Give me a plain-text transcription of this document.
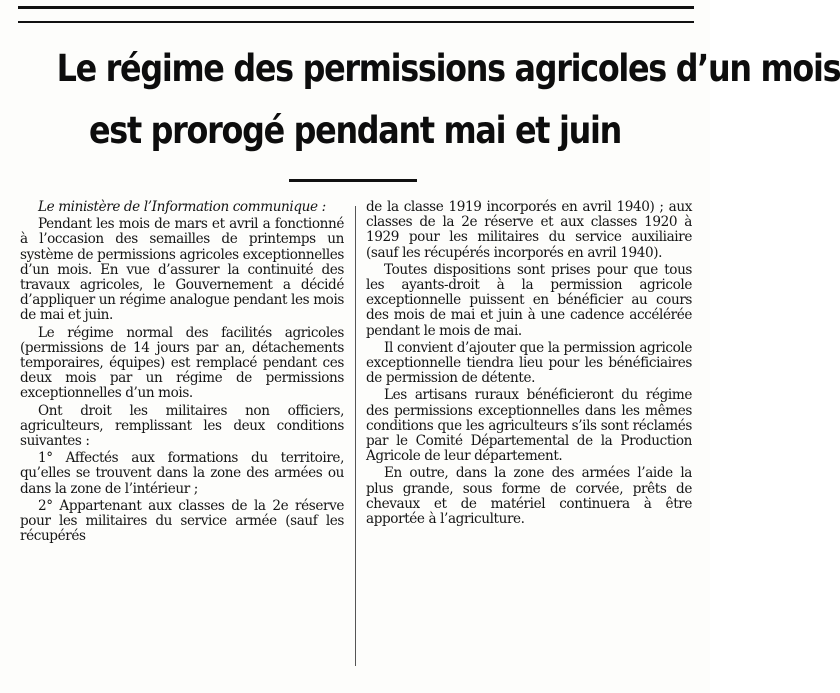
Le régime des permissions agricoles d’un mois
est prorogé pendant mai et juin

Le ministère de l’Information communique :

Pendant les mois de mars et avril a fonctionné à l’occasion des semailles de printemps un système de permissions agricoles exceptionnelles d’un mois. En vue d’assurer la continuité des travaux agricoles, le Gouvernement a décidé d’appliquer un régime analogue pendant les mois de mai et juin.

Le régime normal des facilités agricoles (permissions de 14 jours par an, détachements temporaires, équipes) est remplacé pendant ces deux mois par un régime de permissions exceptionnelles d’un mois.

Ont droit les militaires non officiers, agriculteurs, remplissant les deux conditions suivantes :

1° Affectés aux formations du territoire, qu’elles se trouvent dans la zone des armées ou dans la zone de l’intérieur ;

2° Appartenant aux classes de la 2e réserve pour les militaires du service armée (sauf les récupérés

de la classe 1919 incorporés en avril 1940) ; aux classes de la 2e réserve et aux classes 1920 à 1929 pour les militaires du service auxiliaire (sauf les récupérés incorporés en avril 1940).

Toutes dispositions sont prises pour que tous les ayants-droit à la permission agricole exceptionnelle puissent en bénéficier au cours des mois de mai et juin à une cadence accélérée pendant le mois de mai.

Il convient d’ajouter que la permission agricole exceptionnelle tiendra lieu pour les bénéficiaires de permission de détente.

Les artisans ruraux bénéficieront du régime des permissions exceptionnelles dans les mêmes conditions que les agriculteurs s’ils sont réclamés par le Comité Départemental de la Production Agricole de leur département.

En outre, dans la zone des armées l’aide la plus grande, sous forme de corvée, prêts de chevaux et de matériel continuera à être apportée à l’agriculture.
